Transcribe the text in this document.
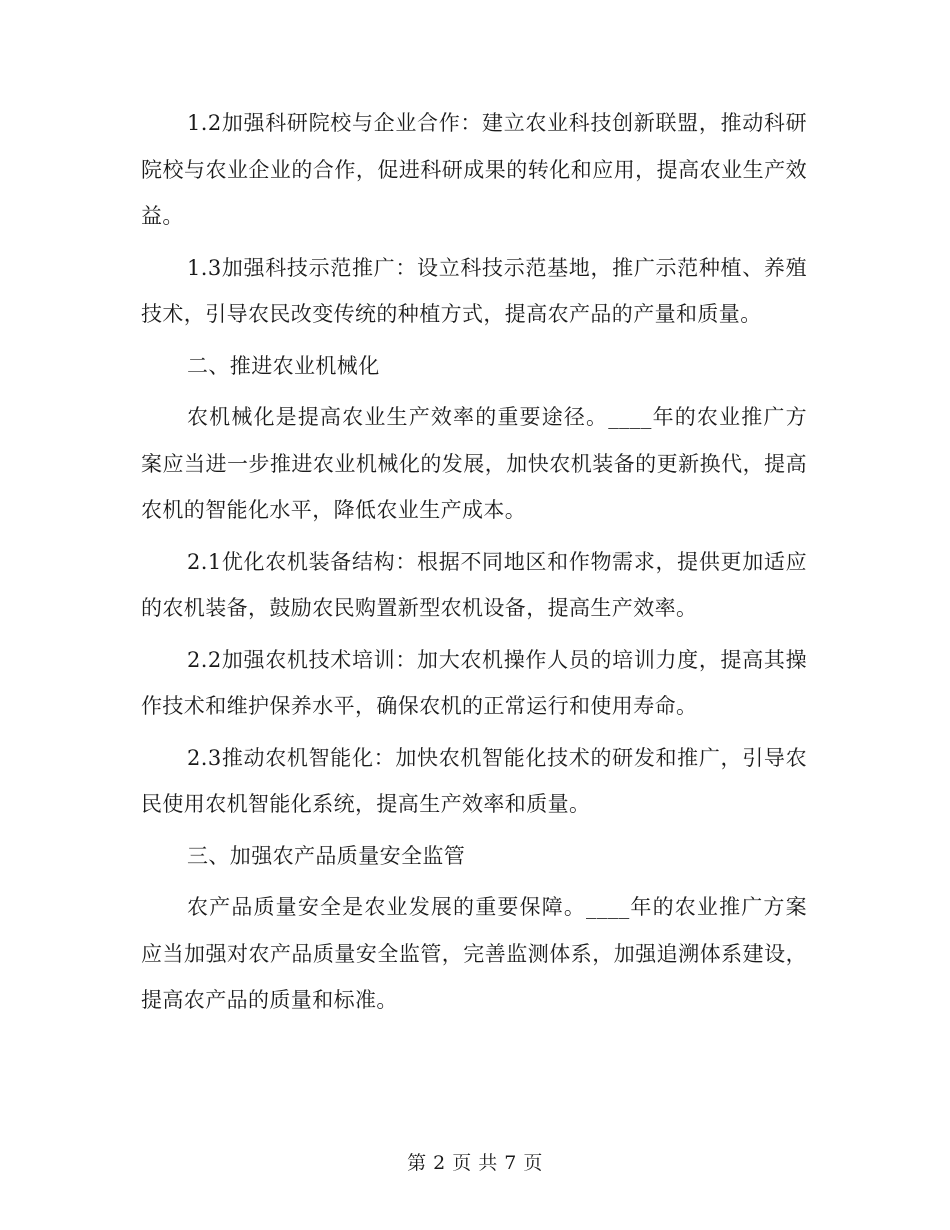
1.2加强科研院校与企业合作：建立农业科技创新联盟，推动科研院校与农业企业的合作，促进科研成果的转化和应用，提高农业生产效益。

1.3加强科技示范推广：设立科技示范基地，推广示范种植、养殖技术，引导农民改变传统的种植方式，提高农产品的产量和质量。

二、推进农业机械化

农机械化是提高农业生产效率的重要途径。____年的农业推广方案应当进一步推进农业机械化的发展，加快农机装备的更新换代，提高农机的智能化水平，降低农业生产成本。

2.1优化农机装备结构：根据不同地区和作物需求，提供更加适应的农机装备，鼓励农民购置新型农机设备，提高生产效率。

2.2加强农机技术培训：加大农机操作人员的培训力度，提高其操作技术和维护保养水平，确保农机的正常运行和使用寿命。

2.3推动农机智能化：加快农机智能化技术的研发和推广，引导农民使用农机智能化系统，提高生产效率和质量。

三、加强农产品质量安全监管

农产品质量安全是农业发展的重要保障。____年的农业推广方案应当加强对农产品质量安全监管，完善监测体系，加强追溯体系建设，提高农产品的质量和标准。

第 2 页 共 7 页
